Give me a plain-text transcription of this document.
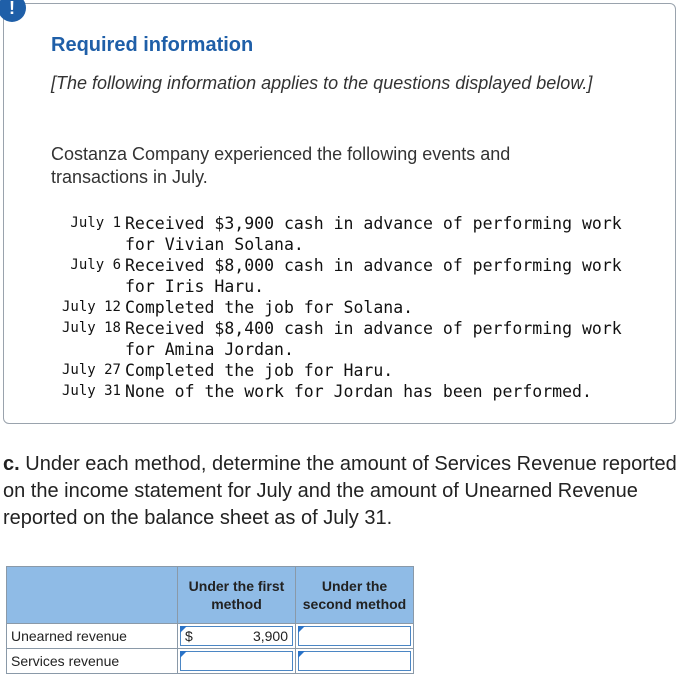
!
Required information
[The following information applies to the questions displayed below.]
Costanza Company experienced the following events and transactions in July.
July 1 Received $3,900 cash in advance of performing work for Vivian Solana.
July 6 Received $8,000 cash in advance of performing work for Iris Haru.
July 12 Completed the job for Solana.
July 18 Received $8,400 cash in advance of performing work for Amina Jordan.
July 27 Completed the job for Haru.
July 31 None of the work for Jordan has been performed.
c. Under each method, determine the amount of Services Revenue reported on the income statement for July and the amount of Unearned Revenue reported on the balance sheet as of July 31.
	Under the first method	Under the second method
Unearned revenue	$ 3,900	

Services revenue	
